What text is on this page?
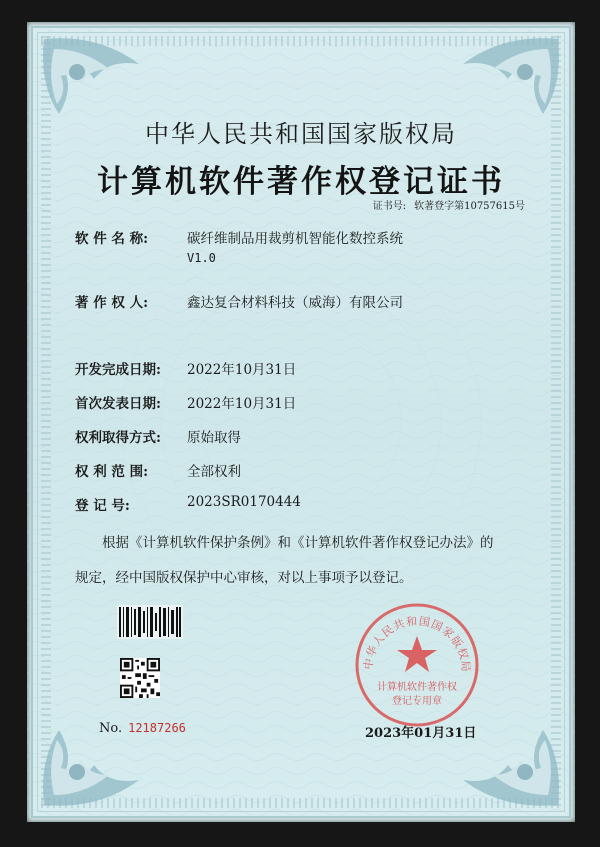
中华人民共和国国家版权局
计算机软件著作权登记证书
证书号: 软著登字第10757615号
软 件 名 称:	碳纤维制品用裁剪机智能化数控系统
V1.0
著 作 权 人:	鑫达复合材料科技（威海）有限公司
开发完成日期:	2022年10月31日
首次发表日期:	2022年10月31日
权利取得方式:	原始取得
权 利 范 围:	全部权利
登 记 号:	2023SR0170444
根据《计算机软件保护条例》和《计算机软件著作权登记办法》的
规定，经中国版权保护中心审核，对以上事项予以登记。
No. 12187266
中华人民共和国国家版权局
计算机软件著作权
登记专用章
2023年01月31日
